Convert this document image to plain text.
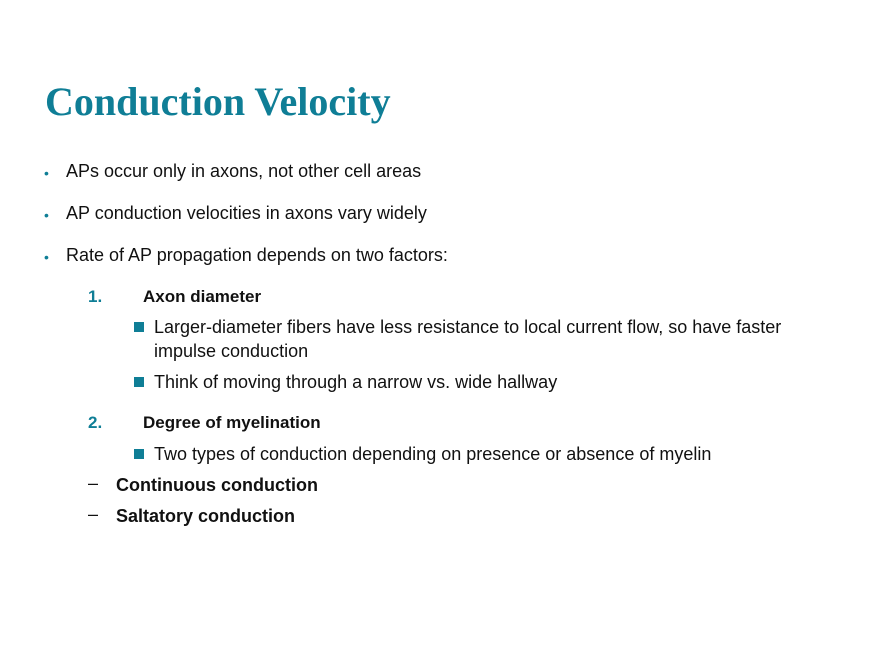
Conduction Velocity
• APs occur only in axons, not other cell areas
• AP conduction velocities in axons vary widely
• Rate of AP propagation depends on two factors:
1. Axon diameter
Larger-diameter fibers have less resistance to local current flow, so have faster
impulse conduction
Think of moving through a narrow vs. wide hallway
2. Degree of myelination
Two types of conduction depending on presence or absence of myelin
– Continuous conduction
– Saltatory conduction
